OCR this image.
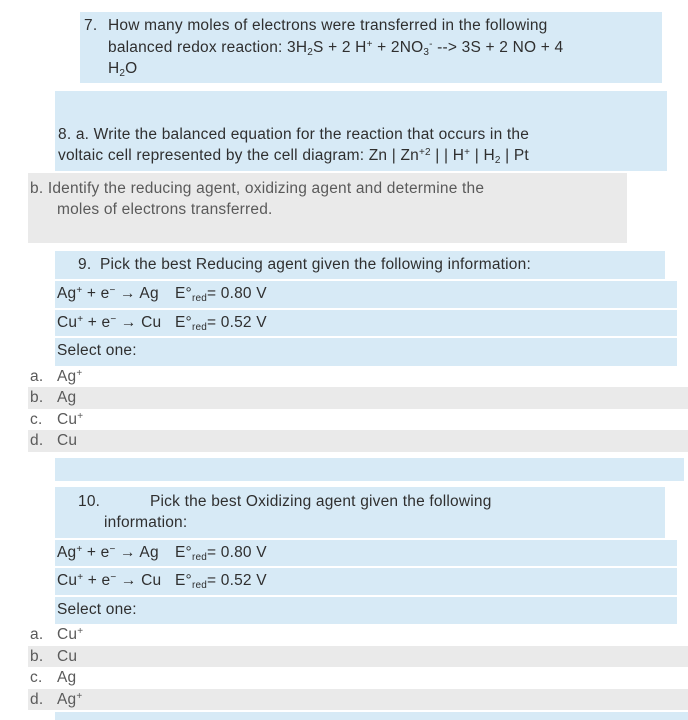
7. How many moles of electrons were transferred in the following
balanced redox reaction: $3H_2S + 2$ $H^+ + 2NO_3^-$ --> 3S + 2 NO + 4
$H_2O$

8. a. Write the balanced equation for the reaction that occurs in the
voltaic cell represented by the cell diagram: Zn | $Zn^{+2}$ | | H+ | $H_2$ | Pt

b. Identify the reducing agent, oxidizing agent and determine the
moles of electrons transferred.

9. Pick the best Reducing agent given the following information:

Ag+ + e− → Ag	$E^\circ_{red}= 0.80$ V
Cu+ + e− → Cu $E^\circ_{red}= 0.52$ V
Select one:
a. Ag+
b. Ag
c. Cu+
d. Cu

10.	Pick the best Oxidizing agent given the following
information:

Ag+ + e− → Ag	$E^\circ_{red}= 0.80$ V
Cu+ + e− → Cu $E^\circ_{red}= 0.52$ V
Select one:
a. Cu+
b. Cu
c. Ag
d. Ag+
